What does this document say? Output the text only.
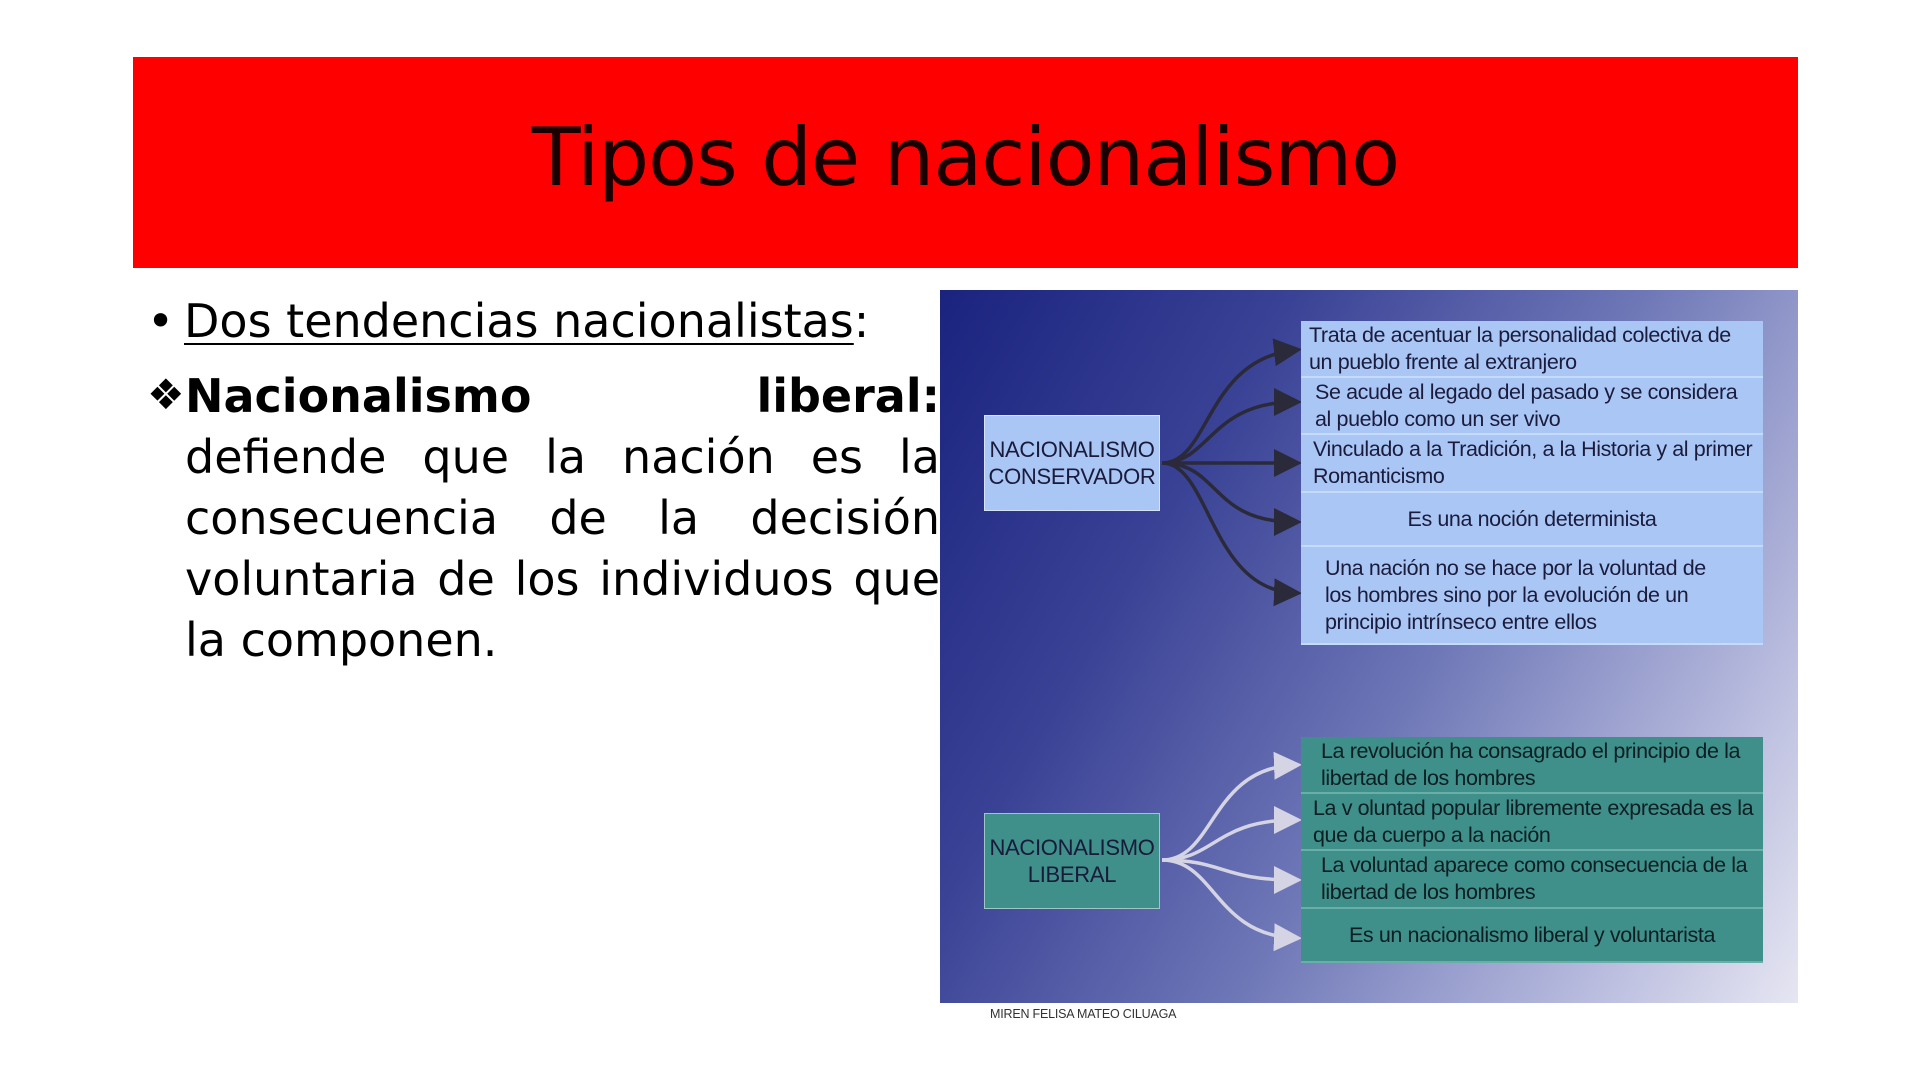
Tipos de nacionalismo
• Dos tendencias nacionalistas:
❖ Nacionalismo liberal: defiende que la nación es la consecuencia de la decisión voluntaria de los individuos que la componen.
NACIONALISMO
CONSERVADOR
NACIONALISMO
LIBERAL
Trata de acentuar la personalidad colectiva de un pueblo frente al extranjero
Se acude al legado del pasado y se considera al pueblo como un ser vivo
Vinculado a la Tradición, a la Historia y al primer Romanticismo
Es una noción determinista
Una nación no se hace por la voluntad de los hombres sino por la evolución de un principio intrínseco entre ellos
La revolución ha consagrado el principio de la libertad de los hombres
La v oluntad popular libremente expresada es la que da cuerpo a la nación
La voluntad aparece como consecuencia de la libertad de los hombres
Es un nacionalismo liberal y voluntarista
MIREN FELISA MATEO CILUAGA
